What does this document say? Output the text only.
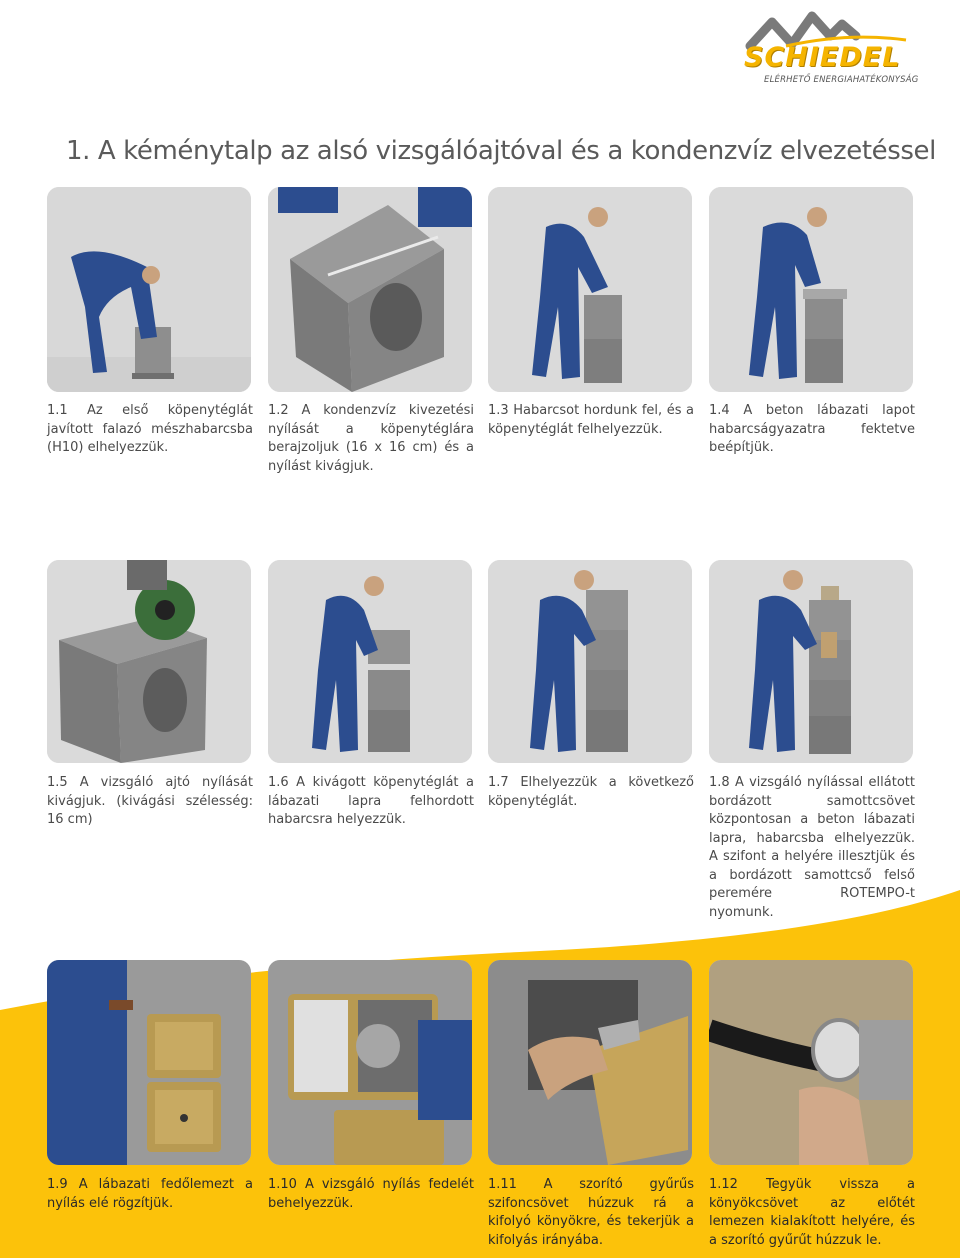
SCHIEDEL
ELÉRHETŐ ENERGIAHATÉKONYSÁG
1. A kéménytalp az alsó vizsgálóajtóval és a kondenzvíz elvezetéssel
1.1 Az első köpenytéglát javított falazó mészhabarcsba (H10) elhelyezzük.
1.2 A kondenzvíz kivezetési nyílását a köpenytéglára berajzoljuk (16 x 16 cm) és a nyílást kivágjuk.
1.3 Habarcsot hordunk fel, és a köpenytéglát felhelyezzük.
1.4 A beton lábazati lapot habarcságyazatra fektetve beépítjük.
1.5 A vizsgáló ajtó nyílását kivágjuk. (kivágási szélesség: 16 cm)
1.6 A kivágott köpenytéglát a lábazati lapra felhordott habarcsra helyezzük.
1.7 Elhelyezzük a következő köpenytéglát.
1.8 A vizsgáló nyílással ellátott bordázott samottcsövet központosan a beton lábazati lapra, habarcsba elhelyezzük. A szifont a helyére illesztjük és a bordázott samottcső felső peremére ROTEMPO-t nyomunk.
1.9 A lábazati fedőlemezt a nyílás elé rögzítjük.
1.10 A vizsgáló nyílás fedelét behelyezzük.
1.11 A szorító gyűrűs szifoncsövet húzzuk rá a kifolyó könyökre, és tekerjük a kifolyás irányába.
1.12 Tegyük vissza a könyökcsövet az előtét lemezen kialakított helyére, és a szorító gyűrűt húzzuk le.
